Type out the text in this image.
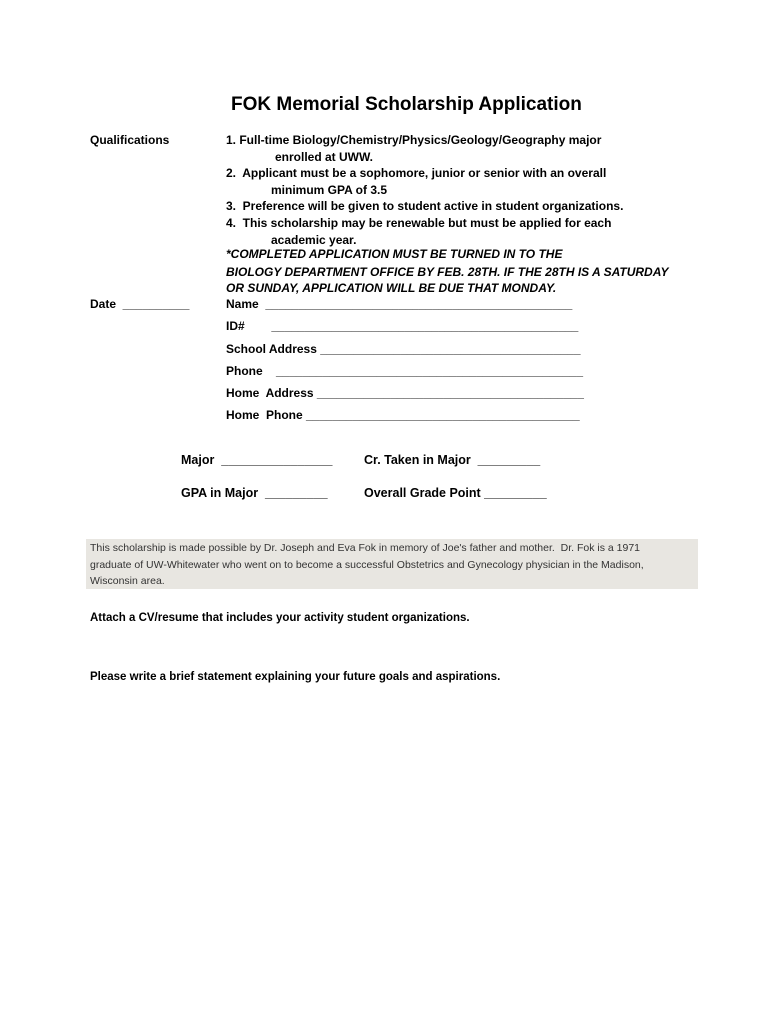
FOK Memorial Scholarship Application
Qualifications	1. Full-time Biology/Chemistry/Physics/Geology/Geography major
enrolled at UWW.
2.  Applicant must be a sophomore, junior or senior with an overall
minimum GPA of 3.5
3.  Preference will be given to student active in student organizations.
4.  This scholarship may be renewable but must be applied for each
academic year.
*COMPLETED APPLICATION MUST BE TURNED IN TO THE
BIOLOGY DEPARTMENT OFFICE BY FEB. 28TH. IF THE 28TH IS A SATURDAY
OR SUNDAY, APPLICATION WILL BE DUE THAT MONDAY.
Date  __________	Name  ______________________________________________
ID#        ______________________________________________
School Address _______________________________________
Phone    ______________________________________________
Home  Address ________________________________________
Home  Phone _________________________________________
Major  ________________	Cr. Taken in Major  _________
GPA in Major  _________	Overall Grade Point _________
This scholarship is made possible by Dr. Joseph and Eva Fok in memory of Joe's father and mother.  Dr. Fok is a 1971
graduate of UW-Whitewater who went on to become a successful Obstetrics and Gynecology physician in the Madison,
Wisconsin area.
Attach a CV/resume that includes your activity student organizations.
Please write a brief statement explaining your future goals and aspirations.
